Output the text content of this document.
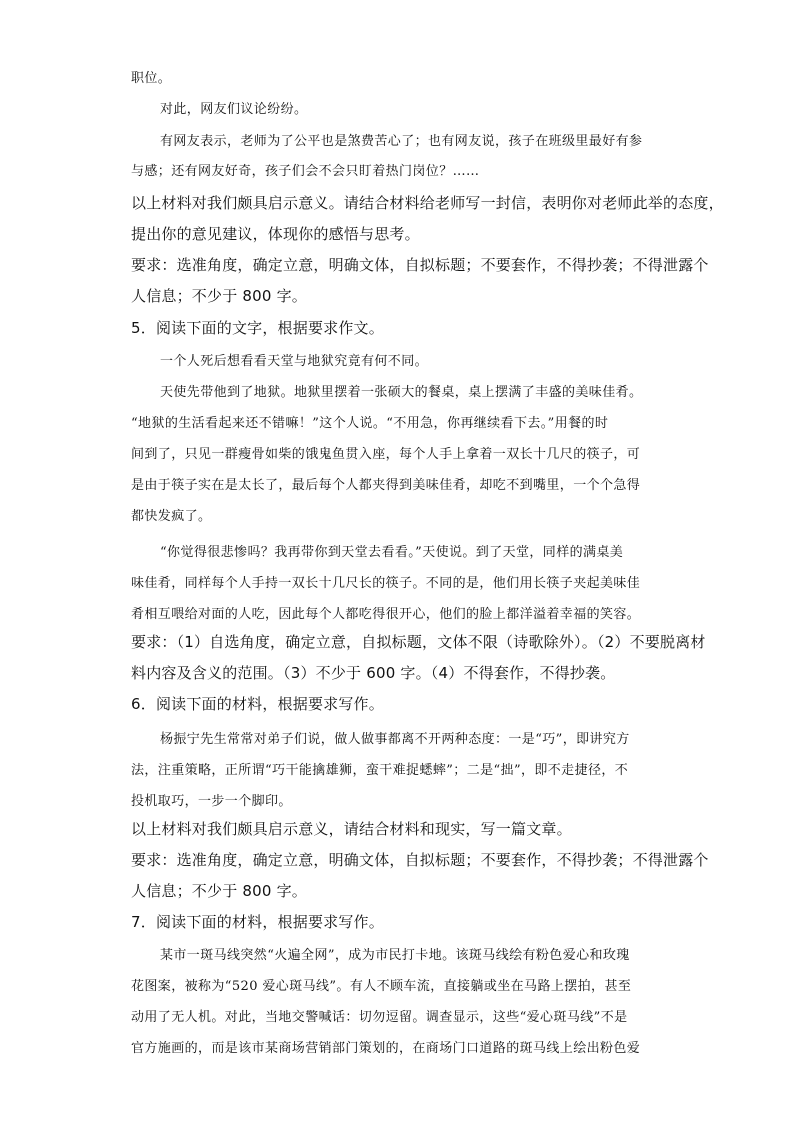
职位。
对此，网友们议论纷纷。
有网友表示，老师为了公平也是煞费苦心了；也有网友说，孩子在班级里最好有参
与感；还有网友好奇，孩子们会不会只盯着热门岗位？……
以上材料对我们颇具启示意义。请结合材料给老师写一封信，表明你对老师此举的态度，
提出你的意见建议，体现你的感悟与思考。
要求：选准角度，确定立意，明确文体，自拟标题；不要套作，不得抄袭；不得泄露个
人信息；不少于 800 字。
5．阅读下面的文字，根据要求作文。
一个人死后想看看天堂与地狱究竟有何不同。
天使先带他到了地狱。地狱里摆着一张硕大的餐桌，桌上摆满了丰盛的美味佳肴。
“地狱的生活看起来还不错嘛！”这个人说。“不用急，你再继续看下去。”用餐的时
间到了，只见一群瘦骨如柴的饿鬼鱼贯入座，每个人手上拿着一双长十几尺的筷子，可
是由于筷子实在是太长了，最后每个人都夹得到美味佳肴，却吃不到嘴里，一个个急得
都快发疯了。
“你觉得很悲惨吗？我再带你到天堂去看看。”天使说。到了天堂，同样的满桌美
味佳肴，同样每个人手持一双长十几尺长的筷子。不同的是，他们用长筷子夹起美味佳
肴相互喂给对面的人吃，因此每个人都吃得很开心，他们的脸上都洋溢着幸福的笑容。
要求：（1）自选角度，确定立意，自拟标题，文体不限（诗歌除外）。（2）不要脱离材
料内容及含义的范围。（3）不少于 600 字。（4）不得套作，不得抄袭。
6．阅读下面的材料，根据要求写作。
杨振宁先生常常对弟子们说，做人做事都离不开两种态度：一是“巧”，即讲究方
法，注重策略，正所谓“巧干能擒雄狮，蛮干难捉蟋蟀”；二是“拙”，即不走捷径，不
投机取巧，一步一个脚印。
以上材料对我们颇具启示意义，请结合材料和现实，写一篇文章。
要求：选准角度，确定立意，明确文体，自拟标题；不要套作，不得抄袭；不得泄露个
人信息；不少于 800 字。
7．阅读下面的材料，根据要求写作。
某市一斑马线突然“火遍全网”，成为市民打卡地。该斑马线绘有粉色爱心和玫瑰
花图案，被称为“520 爱心斑马线”。有人不顾车流，直接躺或坐在马路上摆拍，甚至
动用了无人机。对此，当地交警喊话：切勿逗留。调查显示，这些“爱心斑马线”不是
官方施画的，而是该市某商场营销部门策划的，在商场门口道路的斑马线上绘出粉色爱
